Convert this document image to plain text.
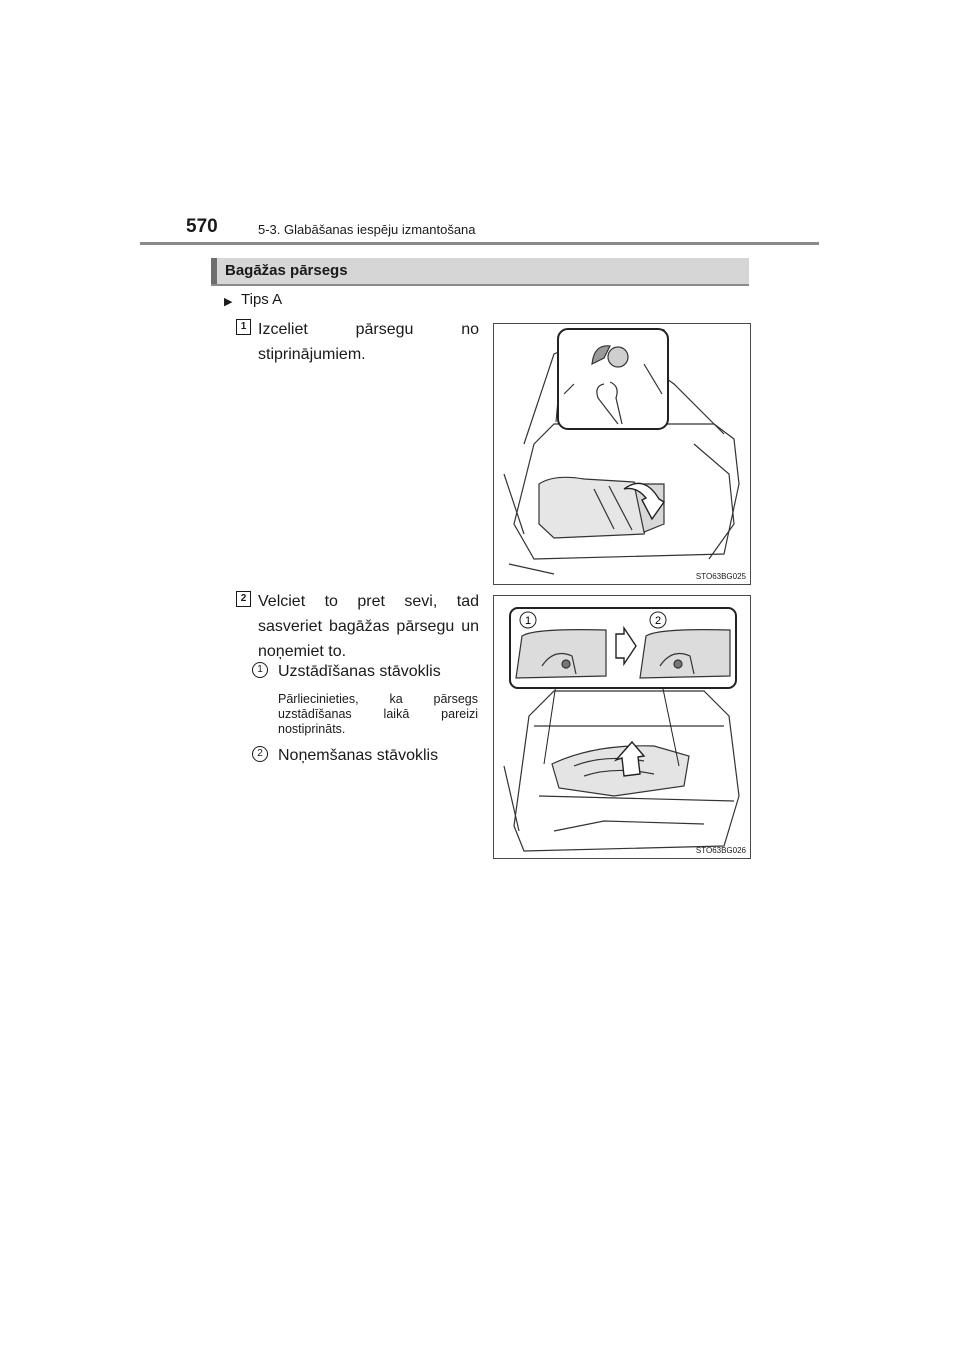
570	5-3. Glabāšanas iespēju izmantošana
Bagāžas pārsegs
▶ Tips A
1 Izceliet pārsegu no stiprinājumiem.
STO63BG025
2 Velciet to pret sevi, tad sasveriet bagāžas pārsegu un noņemiet to.
1 Uzstādīšanas stāvoklis
Pārliecinieties, ka pārsegs uzstādīšanas laikā pareizi nostiprināts.
2 Noņemšanas stāvoklis
1	2
STO63BG026
